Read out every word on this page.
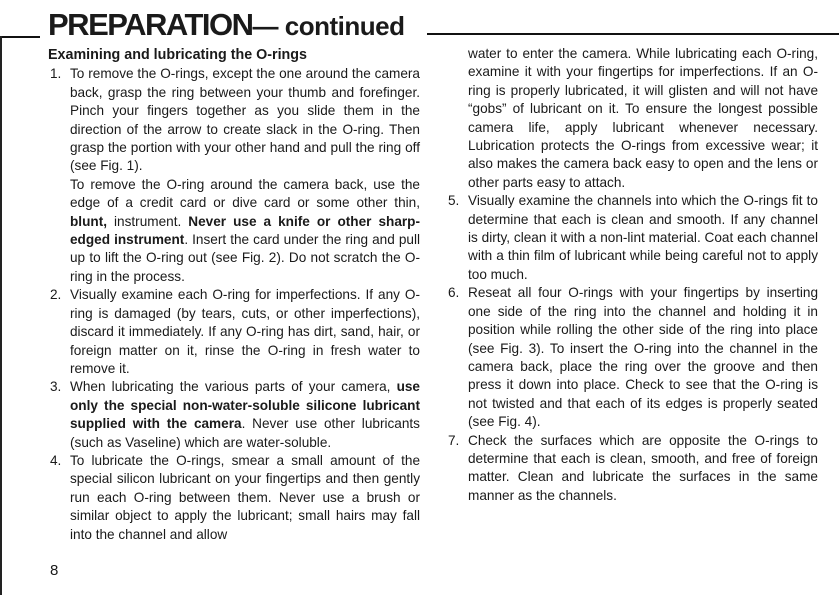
PREPARATION— continued
Examining and lubricating the O-rings
1. To remove the O-rings, except the one around the camera back, grasp the ring between your thumb and forefinger. Pinch your fingers together as you slide them in the direction of the arrow to create slack in the O-ring. Then grasp the portion with your other hand and pull the ring off (see Fig. 1).

To remove the O-ring around the camera back, use the edge of a credit card or dive card or some other thin, blunt, instrument. Never use a knife or other sharp-edged instrument. Insert the card under the ring and pull up to lift the O-ring out (see Fig. 2). Do not scratch the O-ring in the process.

2. Visually examine each O-ring for imperfections. If any O-ring is damaged (by tears, cuts, or other imperfections), discard it immediately. If any O-ring has dirt, sand, hair, or foreign matter on it, rinse the O-ring in fresh water to remove it.

3. When lubricating the various parts of your camera, use only the special non-water-soluble silicone lubricant supplied with the camera. Never use other lubricants (such as Vaseline) which are water-soluble.

4. To lubricate the O-rings, smear a small amount of the special silicon lubricant on your fingertips and then gently run each O-ring between them. Never use a brush or similar object to apply the lubricant; small hairs may fall into the channel and allow

water to enter the camera. While lubricating each O-ring, examine it with your fingertips for imperfections. If an O-ring is properly lubricated, it will glisten and will not have “gobs” of lubricant on it. To ensure the longest possible camera life, apply lubricant whenever necessary. Lubrication protects the O-rings from excessive wear; it also makes the camera back easy to open and the lens or other parts easy to attach.

5. Visually examine the channels into which the O-rings fit to determine that each is clean and smooth. If any channel is dirty, clean it with a non-lint material. Coat each channel with a thin film of lubricant while being careful not to apply too much.

6. Reseat all four O-rings with your fingertips by inserting one side of the ring into the channel and holding it in position while rolling the other side of the ring into place (see Fig. 3). To insert the O-ring into the channel in the camera back, place the ring over the groove and then press it down into place. Check to see that the O-ring is not twisted and that each of its edges is properly seated (see Fig. 4).

7. Check the surfaces which are opposite the O-rings to determine that each is clean, smooth, and free of foreign matter. Clean and lubricate the surfaces in the same manner as the channels.

8
